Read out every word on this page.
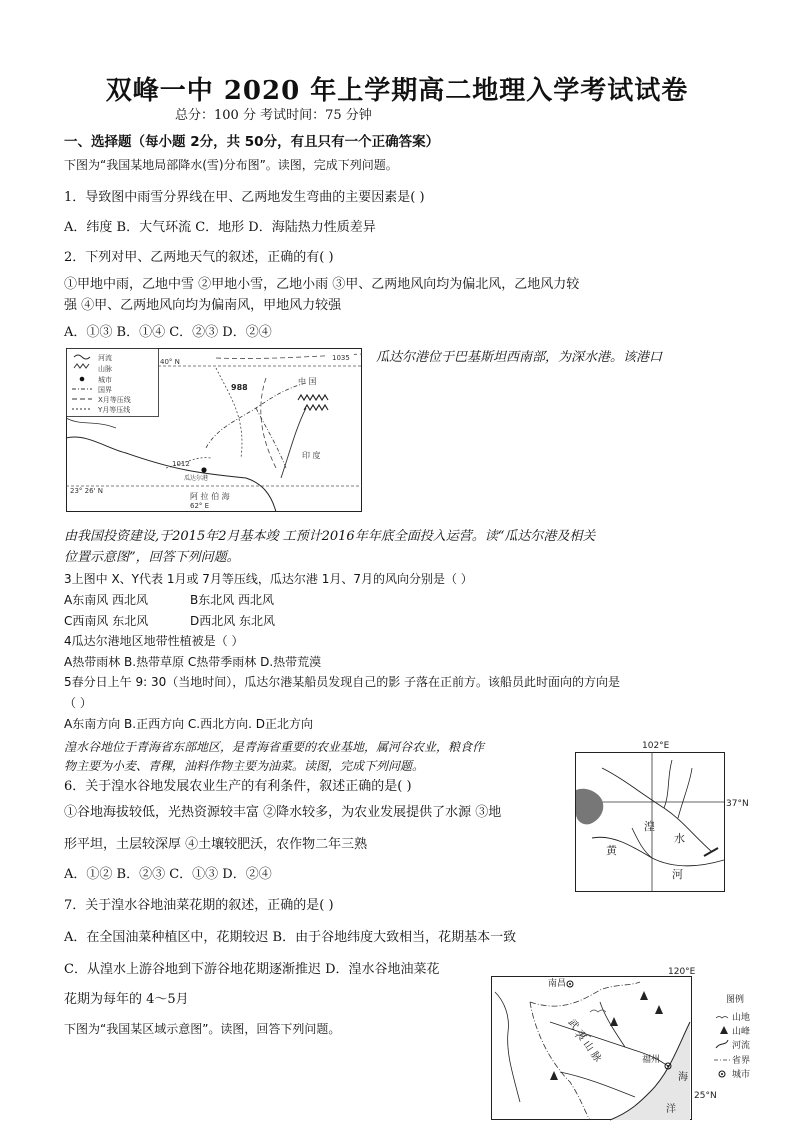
双峰一中 2020 年上学期高二地理入学考试试卷
总分：100 分 考试时间：75 分钟
一、选择题（每小题 2分，共 50分，有且只有一个正确答案）
下图为“我国某地局部降水(雪)分布图”。读图，完成下列问题。
1．导致图中雨雪分界线在甲、乙两地发生弯曲的主要因素是( )
A．纬度 B．大气环流 C．地形 D．海陆热力性质差异
2．下列对甲、乙两地天气的叙述，正确的有( )
①甲地中雨，乙地中雪 ②甲地小雪，乙地小雨 ③甲、乙两地风向均为偏北风，乙地风力较
强 ④甲、乙两地风向均为偏南风，甲地风力较强
A．①③ B．①④ C．②③ D．②④
河流
山脉
城市
国界
X月等压线
Y月等压线
40° N
23° 26' N
62° E
1035
988
1012
瓜达尔港
中 国
印 度
阿 拉 伯 海
瓜达尔港位于巴基斯坦西南部，为深水港。该港口
由我国投资建设,于2015年2月基本竣 工预计2016年年底全面投入运营。读“瓜达尔港及相关
位置示意图”，回答下列问题。
3上图中 X、Y代表 1月或 7月等压线，瓜达尔港 1月、7月的风向分别是（ ）
A东南风 西北风	B东北风 西北风
C西南风 东北风	D西北风 东北风
4瓜达尔港地区地带性植被是（ ）
A热带雨林 B.热带草原 C热带季雨林 D.热带荒漠
5春分日上午 9: 30（当地时间），瓜达尔港某船员发现自己的影 子落在正前方。该船员此时面向的方向是
（ ）
A东南方向 B.正西方向 C.西北方向. D正北方向
湟水谷地位于青海省东部地区，是青海省重要的农业基地，属河谷农业，粮食作
物主要为小麦、青稞，油料作物主要为油菜。读图，完成下列问题。
102°E
37°N
湟
水
黄
河
6．关于湟水谷地发展农业生产的有利条件，叙述正确的是( )
①谷地海拔较低，光热资源较丰富 ②降水较多，为农业发展提供了水源 ③地
形平坦，土层较深厚 ④土壤较肥沃，农作物二年三熟
A．①② B．②③ C．①③ D．②④
7．关于湟水谷地油菜花期的叙述，正确的是( )
A．在全国油菜种植区中，花期较迟 B．由于谷地纬度大致相当，花期基本一致
C．从湟水上游谷地到下游谷地花期逐渐推迟 D．湟水谷地油菜花
花期为每年的 4～5月
下图为“我国某区域示意图”。读图，回答下列问题。
120°E
海
洋
25°N
武 夷 山 脉
南昌
福州
图例
山地
山峰
河流
省界
城市
